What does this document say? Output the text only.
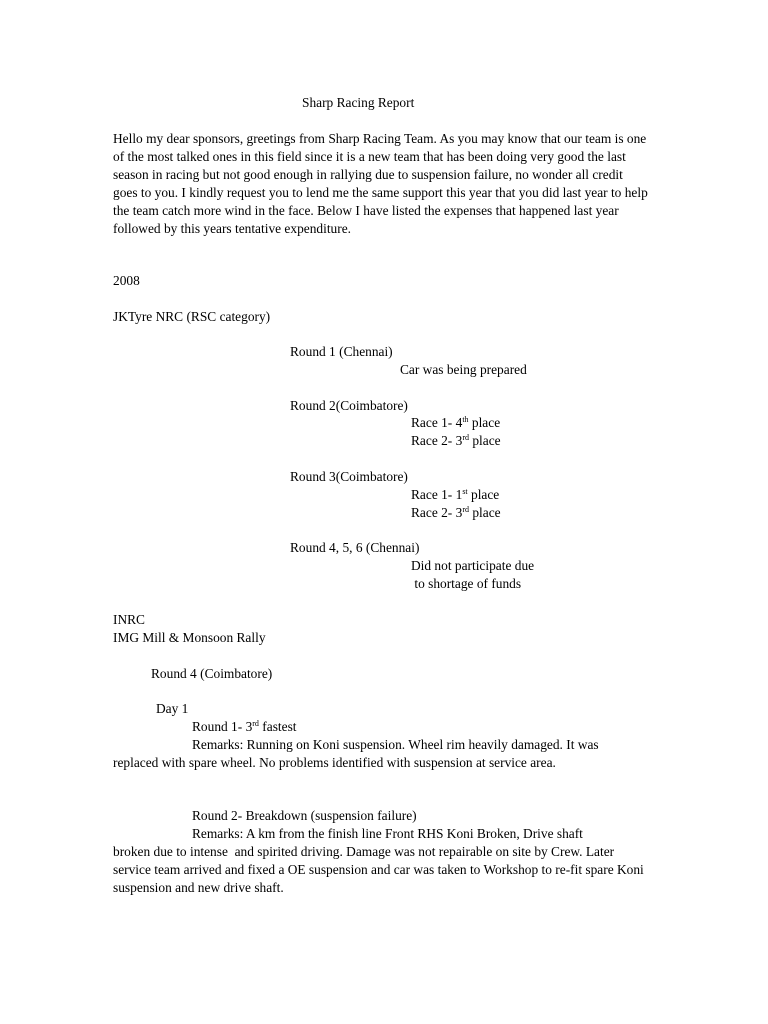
Sharp Racing Report

Hello my dear sponsors, greetings from Sharp Racing Team. As you may know that our team is one of the most talked ones in this field since it is a new team that has been doing very good the last season in racing but not good enough in rallying due to suspension failure, no wonder all credit goes to you. I kindly request you to lend me the same support this year that you did last year to help the team catch more wind in the face. Below I have listed the expenses that happened last year followed by this years tentative expenditure.

2008

JKTyre NRC (RSC category)

Round 1 (Chennai)

Car was being prepared

Round 2(Coimbatore)

Race 1- 4th place

Race 2- 3rd place

Round 3(Coimbatore)

Race 1- 1st place

Race 2- 3rd place

Round 4, 5, 6 (Chennai)

Did not participate due

to shortage of funds

INRC

IMG Mill & Monsoon Rally

Round 4 (Coimbatore)

Day 1

Round 1- 3rd fastest

Remarks: Running on Koni suspension. Wheel rim heavily damaged. It was

replaced with spare wheel. No problems identified with suspension at service area.

Round 2- Breakdown (suspension failure)

Remarks: A km from the finish line Front RHS Koni Broken, Drive shaft

broken due to intense  and spirited driving. Damage was not repairable on site by Crew. Later service team arrived and fixed a OE suspension and car was taken to Workshop to re-fit spare Koni suspension and new drive shaft.
